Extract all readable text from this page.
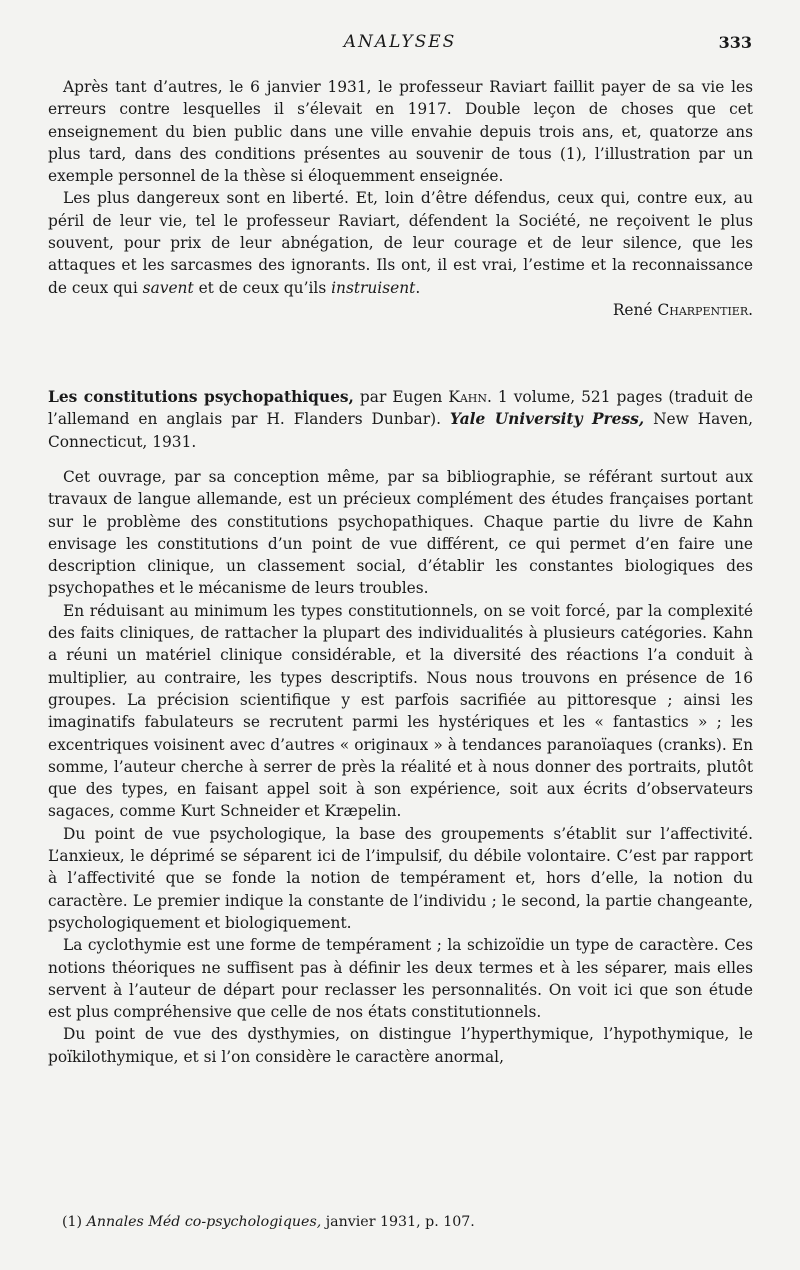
ANALYSES	333

Après tant d’autres, le 6 janvier 1931, le professeur Raviart faillit payer de sa vie les erreurs contre lesquelles il s’élevait en 1917. Double leçon de choses que cet enseignement du bien public dans une ville envahie depuis trois ans, et, quatorze ans plus tard, dans des conditions présentes au souvenir de tous (1), l’illustration par un exemple personnel de la thèse si éloquemment enseignée.

Les plus dangereux sont en liberté. Et, loin d’être défendus, ceux qui, contre eux, au péril de leur vie, tel le professeur Raviart, défendent la Société, ne reçoivent le plus souvent, pour prix de leur abnégation, de leur courage et de leur silence, que les attaques et les sarcasmes des ignorants. Ils ont, il est vrai, l’estime et la reconnaissance de ceux qui savent et de ceux qu’ils instruisent.

René Charpentier.

Les constitutions psychopathiques, par Eugen Kahn. 1 volume, 521 pages (traduit de l’allemand en anglais par H. Flanders Dunbar). Yale University Press, New Haven, Connecticut, 1931.

Cet ouvrage, par sa conception même, par sa bibliographie, se référant surtout aux travaux de langue allemande, est un précieux complément des études françaises portant sur le problème des constitutions psychopathiques. Chaque partie du livre de Kahn envisage les constitutions d’un point de vue différent, ce qui permet d’en faire une description clinique, un classement social, d’établir les constantes biologiques des psychopathes et le mécanisme de leurs troubles.

En réduisant au minimum les types constitutionnels, on se voit forcé, par la complexité des faits cliniques, de rattacher la plupart des individualités à plusieurs catégories. Kahn a réuni un matériel clinique considérable, et la diversité des réactions l’a conduit à multiplier, au contraire, les types descriptifs. Nous nous trouvons en présence de 16 groupes. La précision scientifique y est parfois sacrifiée au pittoresque ; ainsi les imaginatifs fabulateurs se recrutent parmi les hystériques et les « fantastics » ; les excentriques voisinent avec d’autres « originaux » à tendances paranoïaques (cranks). En somme, l’auteur cherche à serrer de près la réalité et à nous donner des portraits, plutôt que des types, en faisant appel soit à son expérience, soit aux écrits d’observateurs sagaces, comme Kurt Schneider et Kræpelin.

Du point de vue psychologique, la base des groupements s’établit sur l’affectivité. L’anxieux, le déprimé se séparent ici de l’impulsif, du débile volontaire. C’est par rapport à l’affectivité que se fonde la notion de tempérament et, hors d’elle, la notion du caractère. Le premier indique la constante de l’individu ; le second, la partie changeante, psychologiquement et biologiquement.

La cyclothymie est une forme de tempérament ; la schizoïdie un type de caractère. Ces notions théoriques ne suffisent pas à définir les deux termes et à les séparer, mais elles servent à l’auteur de départ pour reclasser les personnalités. On voit ici que son étude est plus compréhensive que celle de nos états constitutionnels.

Du point de vue des dysthymies, on distingue l’hyperthymique, l’hypothymique, le poïkilothymique, et si l’on considère le caractère anormal,

(1) Annales Méd co-psychologiques, janvier 1931, p. 107.
